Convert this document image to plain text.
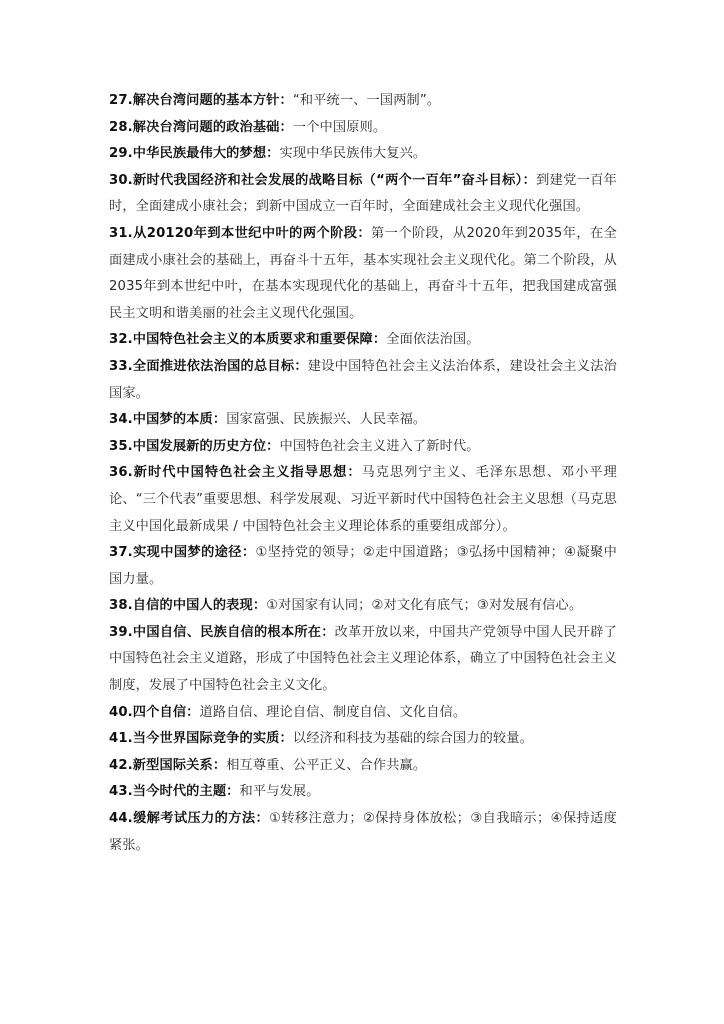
27.解决台湾问题的基本方针：“和平统一、一国两制”。

28.解决台湾问题的政治基础：一个中国原则。

29.中华民族最伟大的梦想：实现中华民族伟大复兴。

30.新时代我国经济和社会发展的战略目标（“两个一百年”奋斗目标）：到建党一百年时，全面建成小康社会；到新中国成立一百年时，全面建成社会主义现代化强国。

31.从20120年到本世纪中叶的两个阶段：第一个阶段，从2020年到2035年，在全面建成小康社会的基础上，再奋斗十五年，基本实现社会主义现代化。第二个阶段，从2035年到本世纪中叶，在基本实现现代化的基础上，再奋斗十五年，把我国建成富强民主文明和谐美丽的社会主义现代化强国。

32.中国特色社会主义的本质要求和重要保障：全面依法治国。

33.全面推进依法治国的总目标：建设中国特色社会主义法治体系，建设社会主义法治国家。

34.中国梦的本质：国家富强、民族振兴、人民幸福。

35.中国发展新的历史方位：中国特色社会主义进入了新时代。

36.新时代中国特色社会主义指导思想：马克思列宁主义、毛泽东思想、邓小平理论、“三个代表”重要思想、科学发展观、习近平新时代中国特色社会主义思想（马克思主义中国化最新成果 / 中国特色社会主义理论体系的重要组成部分）。

37.实现中国梦的途径：①坚持党的领导；②走中国道路；③弘扬中国精神；④凝聚中国力量。

38.自信的中国人的表现：①对国家有认同；②对文化有底气；③对发展有信心。

39.中国自信、民族自信的根本所在：改革开放以来，中国共产党领导中国人民开辟了中国特色社会主义道路，形成了中国特色社会主义理论体系，确立了中国特色社会主义制度，发展了中国特色社会主义文化。

40.四个自信：道路自信、理论自信、制度自信、文化自信。

41.当今世界国际竞争的实质：以经济和科技为基础的综合国力的较量。

42.新型国际关系：相互尊重、公平正义、合作共赢。

43.当今时代的主题：和平与发展。

44.缓解考试压力的方法：①转移注意力；②保持身体放松；③自我暗示；④保持适度紧张。
